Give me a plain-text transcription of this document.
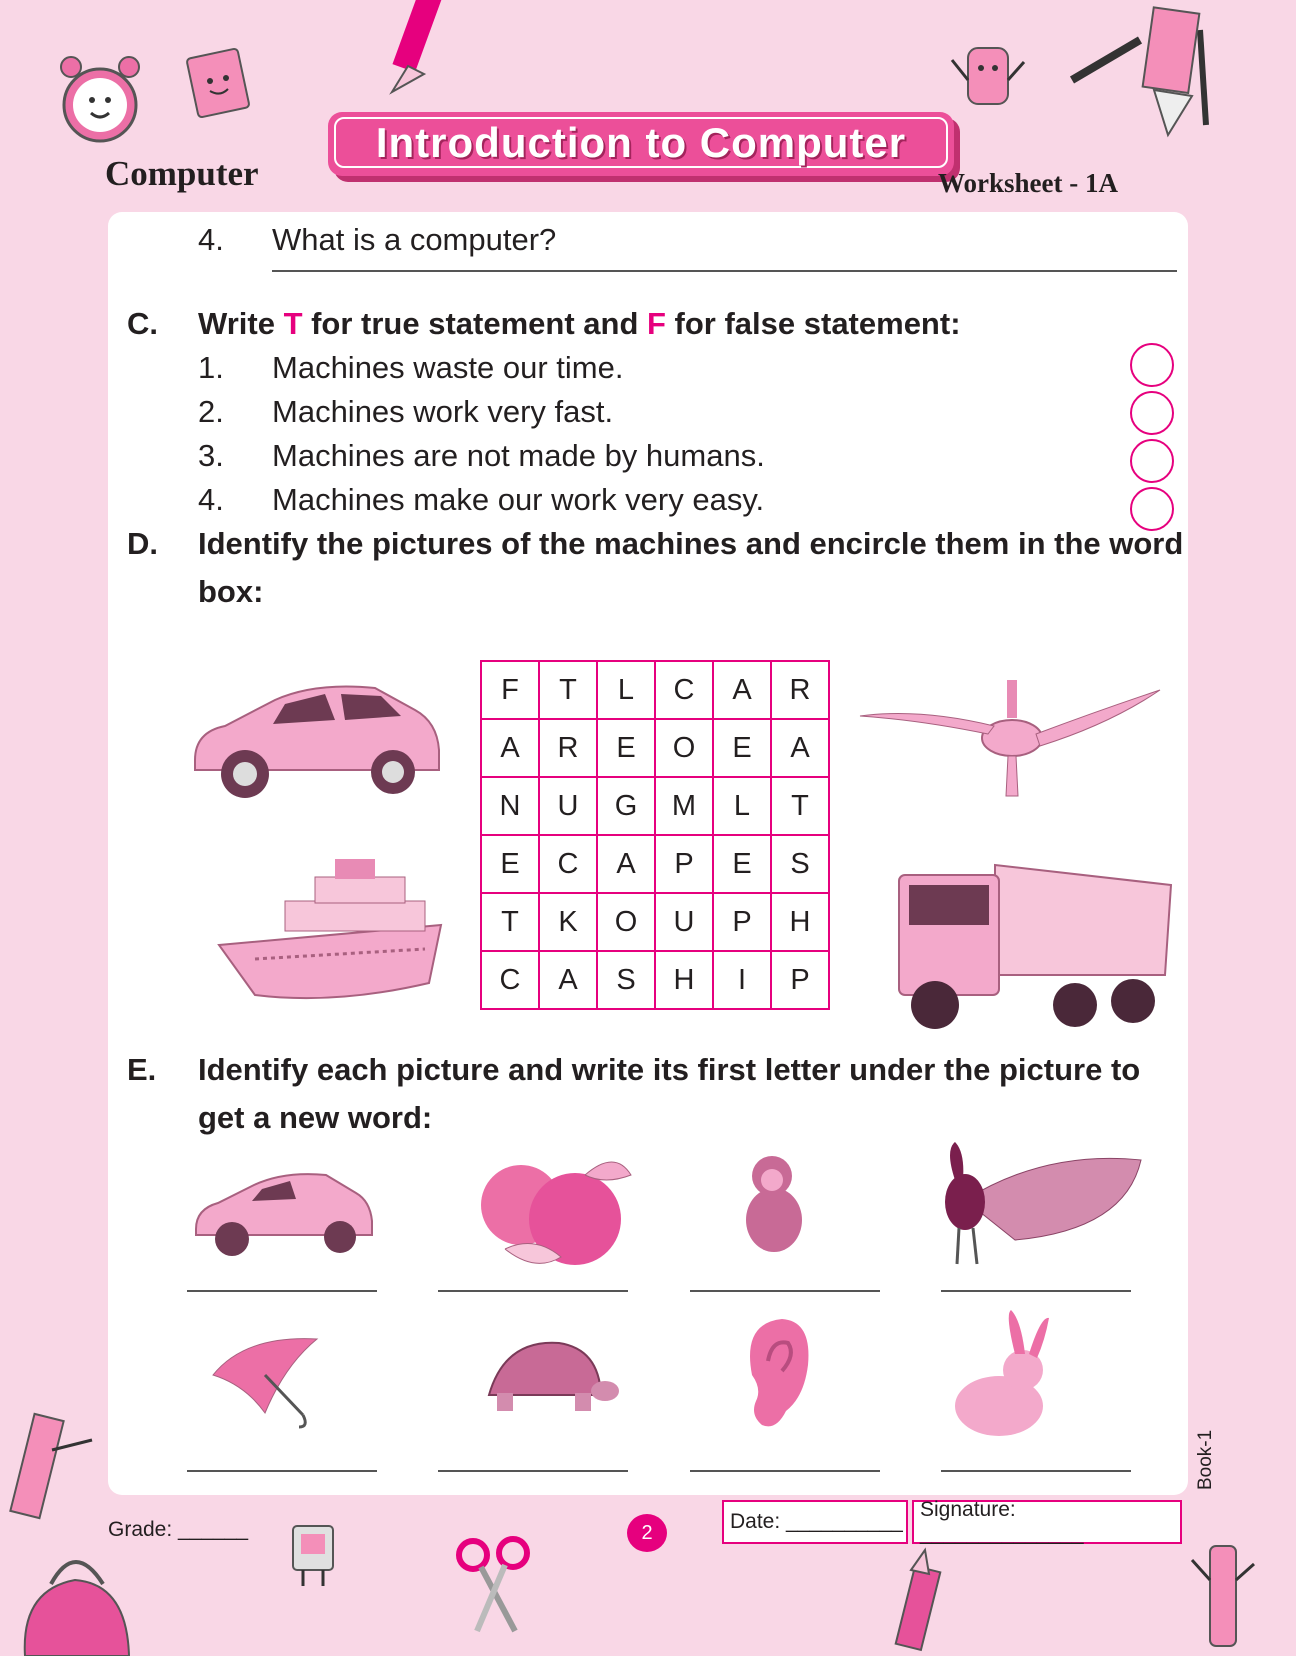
Computer
Introduction to Computer
Worksheet - 1A
4. What is a computer?
C. Write T for true statement and F for false statement:
1. Machines waste our time.
2. Machines work very fast.
3. Machines are not made by humans.
4. Machines make our work very easy.
D. Identify the pictures of the machines and encircle them in the word
box:
F	T	L	C	A	R
A	R	E	O	E	A
N	U	G	M	L	T
E	C	A	P	E	S
T	K	O	U	P	H
C	A	S	H	I	P
E. Identify each picture and write its first letter under the picture to
get a new word:
Book-1
Grade: ______	2	Date: __________
Signature: ______________
